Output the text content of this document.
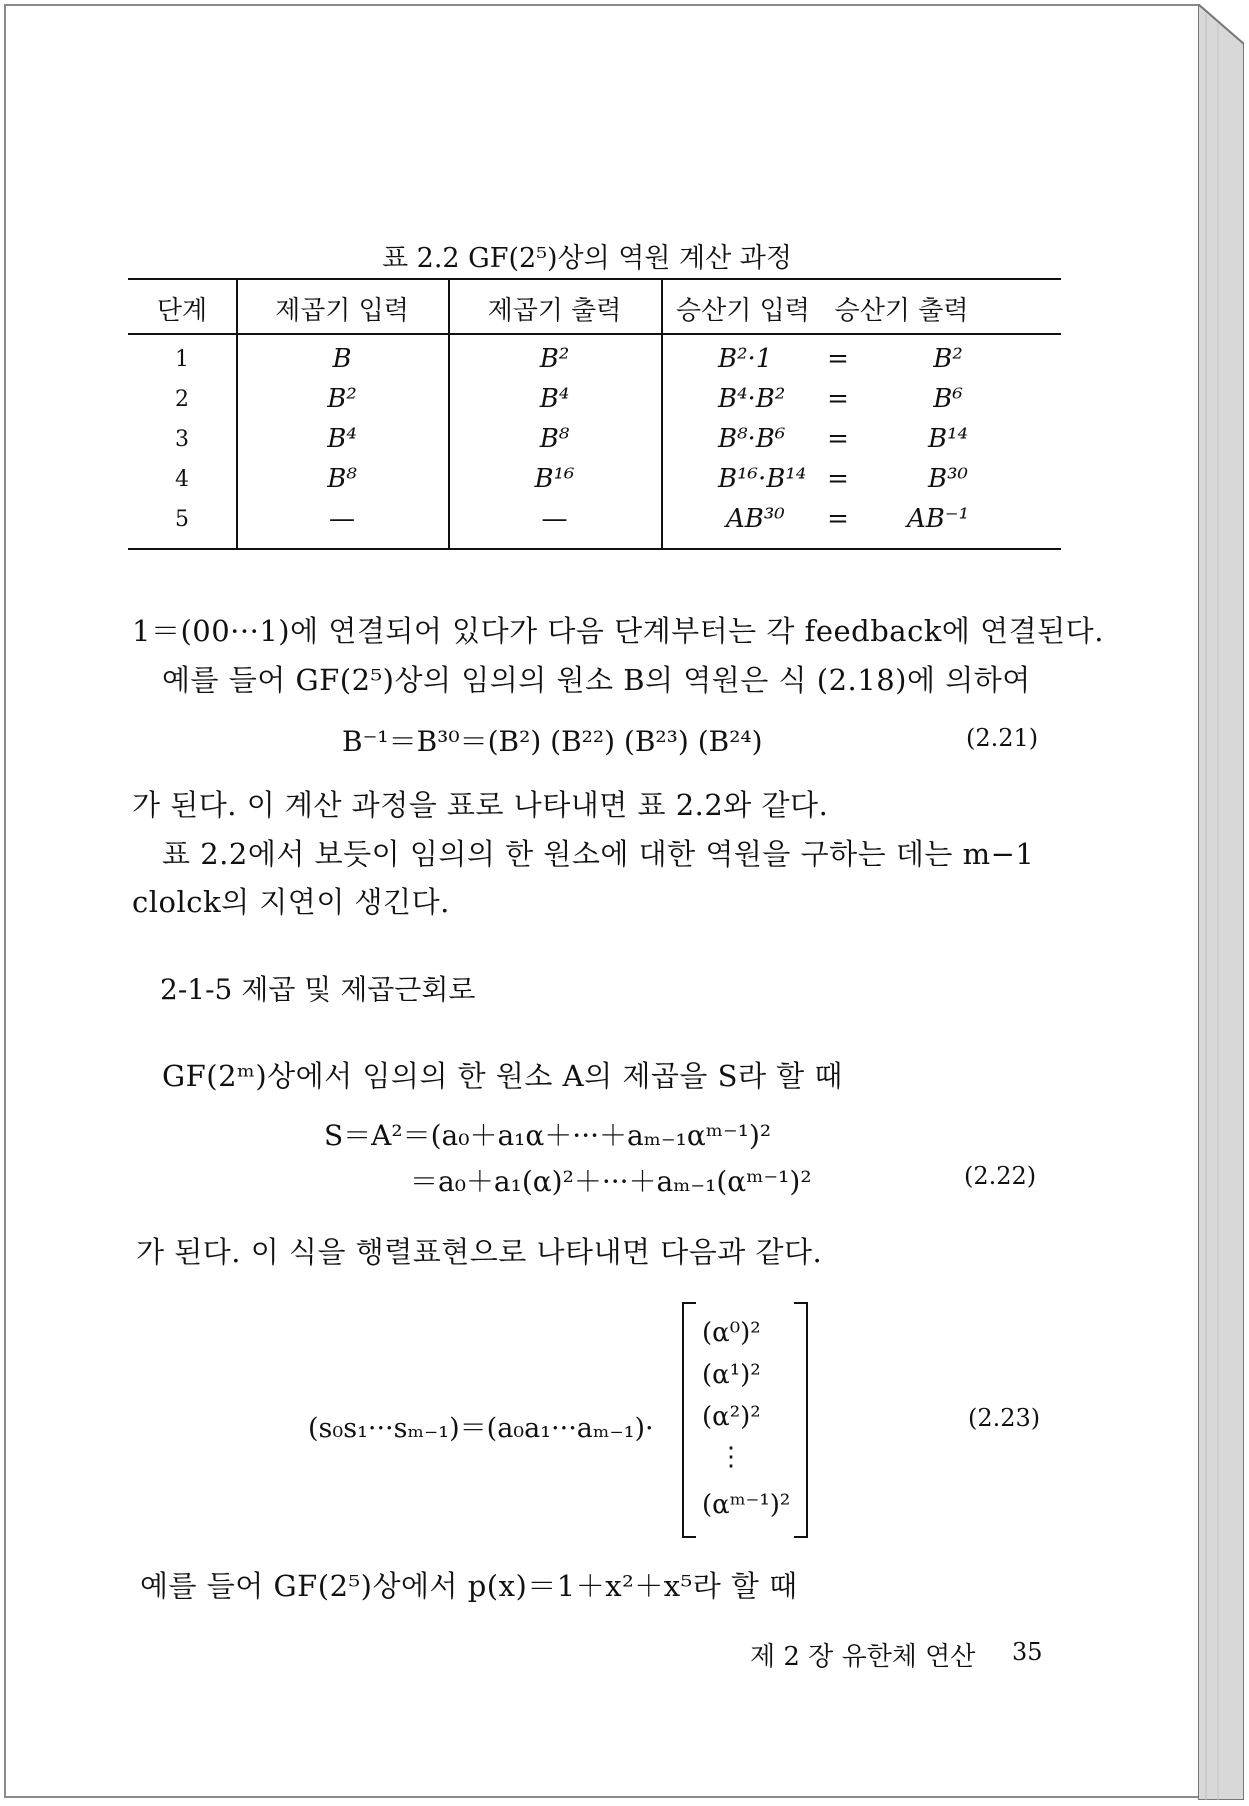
표 2.2 GF(2⁵)상의 역원 계산 과정
단계	제곱기 입력	제곱기 출력	승산기 입력   승산기 출력
1	B	B²	B²·1	=	B²
2	B²	B⁴	B⁴·B²	=	B⁶
3	B⁴	B⁸	B⁸·B⁶	=	B¹⁴
4	B⁸	B¹⁶	B¹⁶·B¹⁴ =	B³⁰
5	—	—	AB³⁰	=	AB⁻¹
1＝(00···1)에 연결되어 있다가 다음 단계부터는 각 feedback에 연결된다.
예를 들어 GF(2⁵)상의 임의의 원소 B의 역원은 식 (2.18)에 의하여
B⁻¹＝B³⁰＝(B²) (B²²) (B²³) (B²⁴)	(2.21)
가 된다. 이 계산 과정을 표로 나타내면 표 2.2와 같다.
표 2.2에서 보듯이 임의의 한 원소에 대한 역원을 구하는 데는 m−1
clolck의 지연이 생긴다.
2-1-5 제곱 및 제곱근회로
GF(2ᵐ)상에서 임의의 한 원소 A의 제곱을 S라 할 때
S＝A²＝(a₀＋a₁α＋···＋aₘ₋₁αᵐ⁻¹)²
＝a₀＋a₁(α)²＋···＋aₘ₋₁(αᵐ⁻¹)²	(2.22)
가 된다. 이 식을 행렬표현으로 나타내면 다음과 같다.
(s₀s₁···sₘ₋₁)＝(a₀a₁···aₘ₋₁)·
(α⁰)²
(α¹)²
(α²)²
⋮
(αᵐ⁻¹)²
(2.23)
예를 들어 GF(2⁵)상에서 p(x)＝1＋x²＋x⁵라 할 때
제 2 장 유한체 연산 35
